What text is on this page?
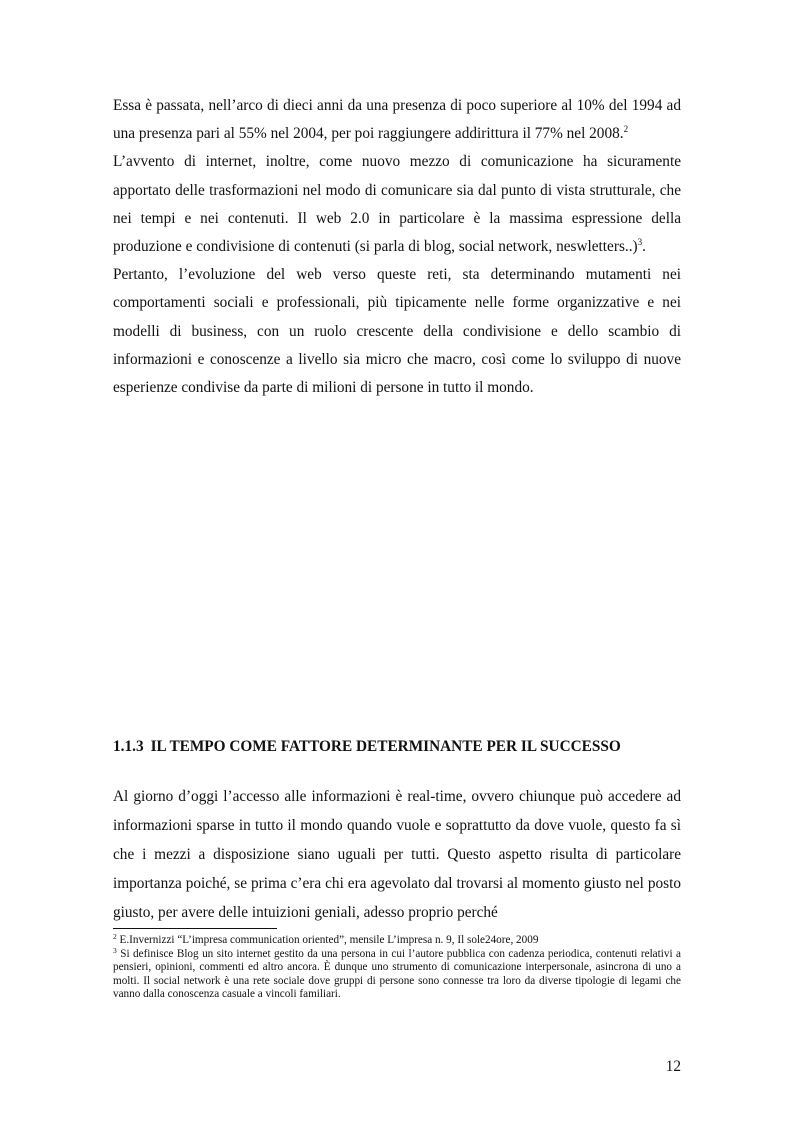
Essa è passata, nell’arco di dieci anni da una presenza di poco superiore al 10% del 1994 ad una presenza pari al 55% nel 2004, per poi raggiungere addirittura il 77% nel 2008.$^2$

L’avvento di internet, inoltre, come nuovo mezzo di comunicazione ha sicuramente apportato delle trasformazioni nel modo di comunicare sia dal punto di vista strutturale, che nei tempi e nei contenuti. Il web 2.0 in particolare è la massima espressione della produzione e condivisione di contenuti (si parla di blog, social network, neswletters..)$^3$.

Pertanto, l’evoluzione del web verso queste reti, sta determinando mutamenti nei comportamenti sociali e professionali, più tipicamente nelle forme organizzative e nei modelli di business, con un ruolo crescente della condivisione e dello scambio di informazioni e conoscenze a livello sia micro che macro, così come lo sviluppo di nuove esperienze condivise da parte di milioni di persone in tutto il mondo.

1.1.3 IL TEMPO COME FATTORE DETERMINANTE PER IL SUCCESSO

Al giorno d’oggi l’accesso alle informazioni è real-time, ovvero chiunque può accedere ad informazioni sparse in tutto il mondo quando vuole e soprattutto da dove vuole, questo fa sì che i mezzi a disposizione siano uguali per tutti. Questo aspetto risulta di particolare importanza poiché, se prima c’era chi era agevolato dal trovarsi al momento giusto nel posto giusto, per avere delle intuizioni geniali, adesso proprio perché

$^2$ E.Invernizzi “L’impresa communication oriented”, mensile L’impresa n. 9, Il sole24ore, 2009

$^3$ Si definisce Blog un sito internet gestito da una persona in cui l’autore pubblica con cadenza periodica, contenuti relativi a pensieri, opinioni, commenti ed altro ancora. È dunque uno strumento di comunicazione interpersonale, asincrona di uno a molti. Il social network è una rete sociale dove gruppi di persone sono connesse tra loro da diverse tipologie di legami che vanno dalla conoscenza casuale a vincoli familiari.

12
